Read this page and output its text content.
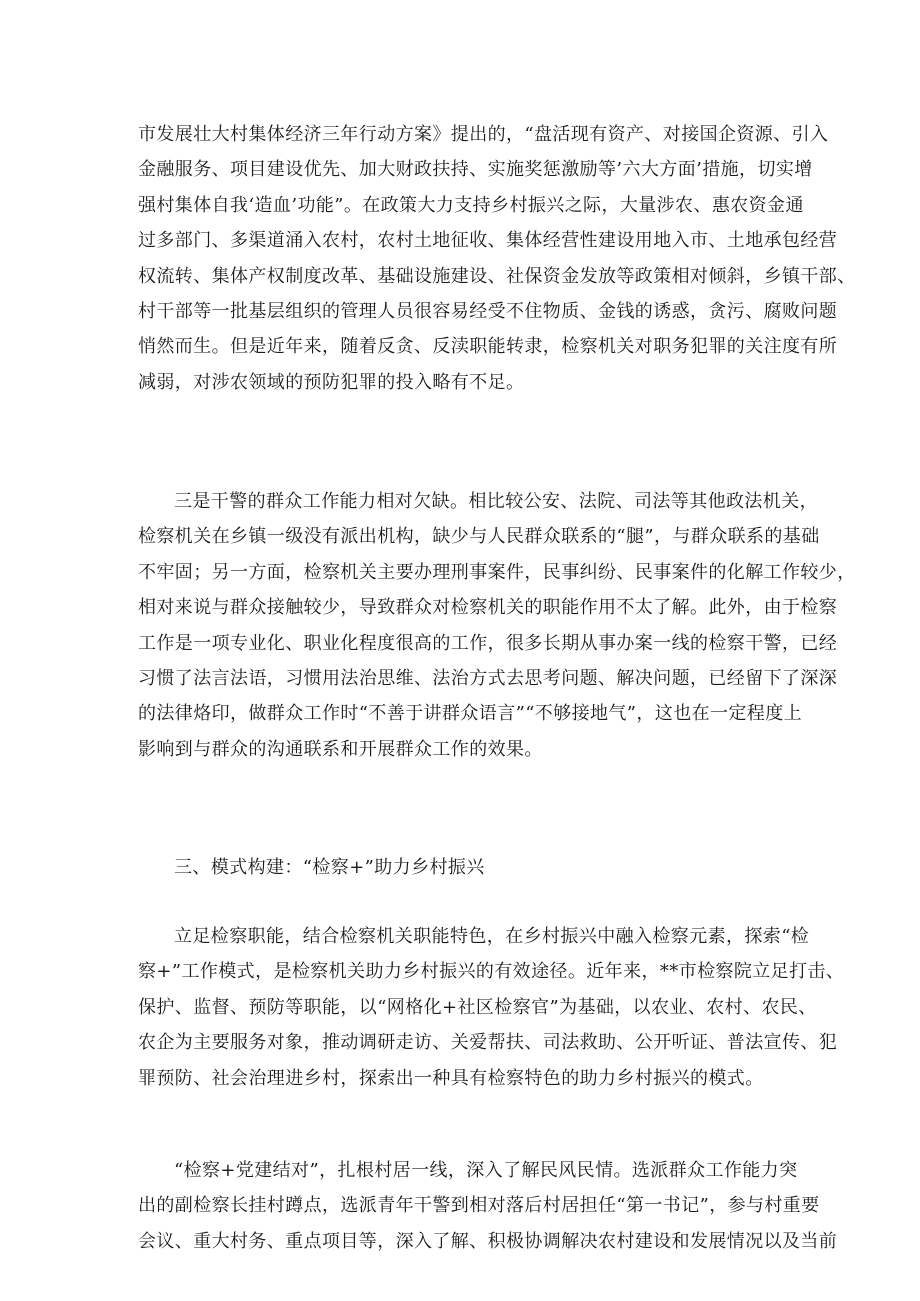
市发展壮大村集体经济三年行动方案》提出的，“盘活现有资产、对接国企资源、引入
金融服务、项目建设优先、加大财政扶持、实施奖惩激励等’六大方面’措施，切实增
强村集体自我‘造血’功能”。在政策大力支持乡村振兴之际，大量涉农、惠农资金通
过多部门、多渠道涌入农村，农村土地征收、集体经营性建设用地入市、土地承包经营
权流转、集体产权制度改革、基础设施建设、社保资金发放等政策相对倾斜，乡镇干部、
村干部等一批基层组织的管理人员很容易经受不住物质、金钱的诱惑，贪污、腐败问题
悄然而生。但是近年来，随着反贪、反渎职能转隶，检察机关对职务犯罪的关注度有所
减弱，对涉农领域的预防犯罪的投入略有不足。
三是干警的群众工作能力相对欠缺。相比较公安、法院、司法等其他政法机关，
检察机关在乡镇一级没有派出机构，缺少与人民群众联系的“腿”，与群众联系的基础
不牢固；另一方面，检察机关主要办理刑事案件，民事纠纷、民事案件的化解工作较少，
相对来说与群众接触较少，导致群众对检察机关的职能作用不太了解。此外，由于检察
工作是一项专业化、职业化程度很高的工作，很多长期从事办案一线的检察干警，已经
习惯了法言法语，习惯用法治思维、法治方式去思考问题、解决问题，已经留下了深深
的法律烙印，做群众工作时“不善于讲群众语言”“不够接地气”，这也在一定程度上
影响到与群众的沟通联系和开展群众工作的效果。
三、模式构建：“检察+”助力乡村振兴
立足检察职能，结合检察机关职能特色，在乡村振兴中融入检察元素，探索“检
察+”工作模式，是检察机关助力乡村振兴的有效途径。近年来，**市检察院立足打击、
保护、监督、预防等职能，以“网格化+社区检察官”为基础，以农业、农村、农民、
农企为主要服务对象，推动调研走访、关爱帮扶、司法救助、公开听证、普法宣传、犯
罪预防、社会治理进乡村，探索出一种具有检察特色的助力乡村振兴的模式。
“检察+党建结对”，扎根村居一线，深入了解民风民情。选派群众工作能力突
出的副检察长挂村蹲点，选派青年干警到相对落后村居担任“第一书记”，参与村重要
会议、重大村务、重点项目等，深入了解、积极协调解决农村建设和发展情况以及当前
